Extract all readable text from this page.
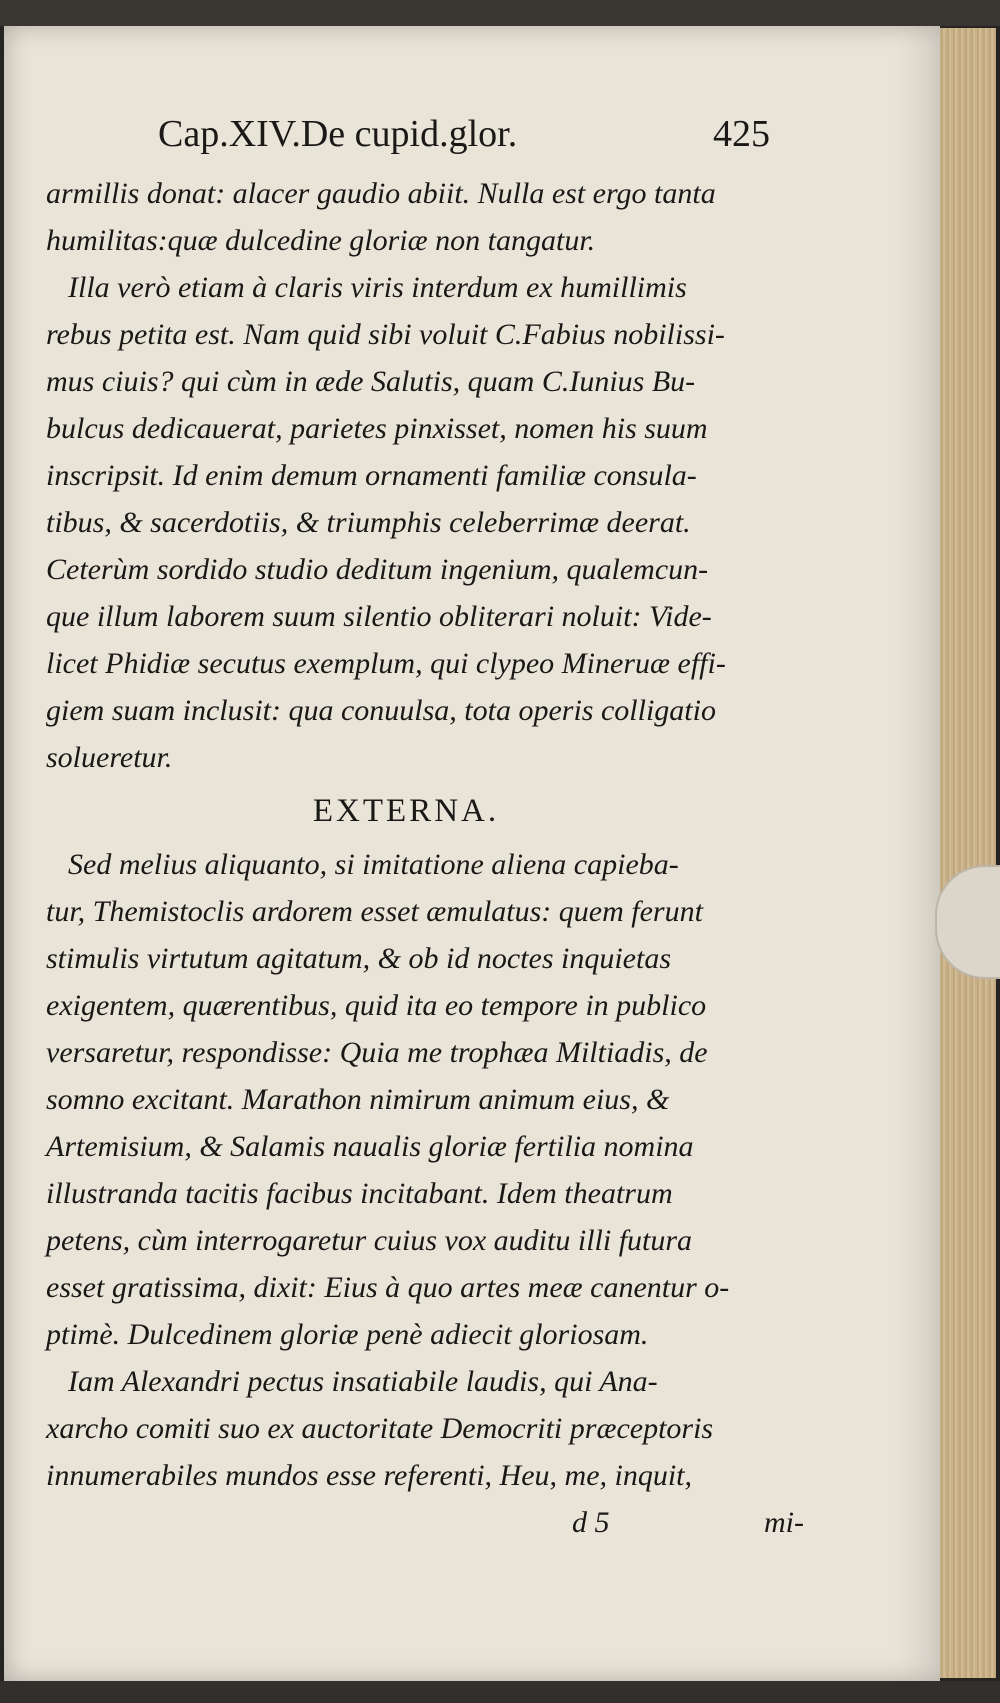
Cap.XIV.De cupid.glor.	425
armillis donat: alacer gaudio abiit. Nulla est ergo tanta
humilitas:quæ dulcedine gloriæ non tangatur.
Illa verò etiam à claris viris interdum ex humillimis
rebus petita est. Nam quid sibi voluit C.Fabius nobilissi-
mus ciuis? qui cùm in æde Salutis, quam C.Iunius Bu-
bulcus dedicauerat, parietes pinxisset, nomen his suum
inscripsit. Id enim demum ornamenti familiæ consula-
tibus, & sacerdotiis, & triumphis celeberrimæ deerat.
Ceterùm sordido studio deditum ingenium, qualemcun-
que illum laborem suum silentio obliterari noluit: Vide-
licet Phidiæ secutus exemplum, qui clypeo Mineruæ effi-
giem suam inclusit: qua conuulsa, tota operis colligatio
solueretur.
EXTERNA.
Sed melius aliquanto, si imitatione aliena capieba-
tur, Themistoclis ardorem esset æmulatus: quem ferunt
stimulis virtutum agitatum, & ob id noctes inquietas
exigentem, quærentibus, quid ita eo tempore in publico
versaretur, respondisse: Quia me trophæa Miltiadis, de
somno excitant. Marathon nimirum animum eius, &
Artemisium, & Salamis naualis gloriæ fertilia nomina
illustranda tacitis facibus incitabant. Idem theatrum
petens, cùm interrogaretur cuius vox auditu illi futura
esset gratissima, dixit: Eius à quo artes meæ canentur o-
ptimè. Dulcedinem gloriæ penè adiecit gloriosam.
Iam Alexandri pectus insatiabile laudis, qui Ana-
xarcho comiti suo ex auctoritate Democriti præceptoris
innumerabiles mundos esse referenti, Heu, me, inquit,
d 5	mi-
